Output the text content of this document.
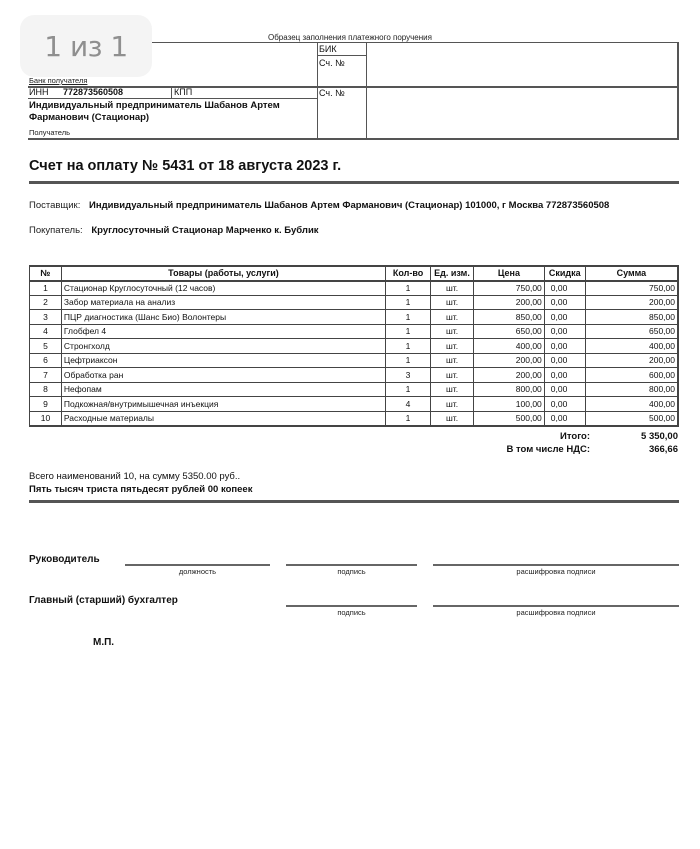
1 из 1	Образец заполнения платежного поручения
БИК
Сч. №
Сч. №
Банк получателя
ИНН 772873560508	КПП
Индивидуальный предприниматель Шабанов Артем Фарманович (Стационар)
Получатель
Счет на оплату № 5431 от 18 августа 2023 г.
Поставщик: Индивидуальный предприниматель Шабанов Артем Фарманович (Стационар) 101000, г Москва 772873560508
Покупатель: Круглосуточный Стационар Марченко к. Бублик
№	Товары (работы, услуги)	Кол-во	Ед. изм.	Цена	Скидка	Сумма
1	Стационар Круглосуточный (12 часов)	1	шт.	750,00	0,00	750,00
2	Забор материала на анализ	1	шт.	200,00	0,00	200,00
3	ПЦР диагностика (Шанс Био) Волонтеры	1	шт.	850,00	0,00	850,00
4	Глобфел 4	1	шт.	650,00	0,00	650,00
5	Стронгхолд	1	шт.	400,00	0,00	400,00
6	Цефтриаксон	1	шт.	200,00	0,00	200,00
7	Обработка ран	3	шт.	200,00	0,00	600,00
8	Нефопам	1	шт.	800,00	0,00	800,00
9	Подкожная/внутримышечная инъекция	4	шт.	100,00	0,00	400,00
10	Расходные материалы	1	шт.	500,00	0,00	500,00
Итого:	5 350,00
В том числе НДС:	366,66
Всего наименований 10, на сумму 5350.00 руб..
Пять тысяч триста пятьдесят рублей 00 копеек
Руководитель
должность	подпись	расшифровка подписи
Главный (старший) бухгалтер
подпись	расшифровка подписи
М.П.
